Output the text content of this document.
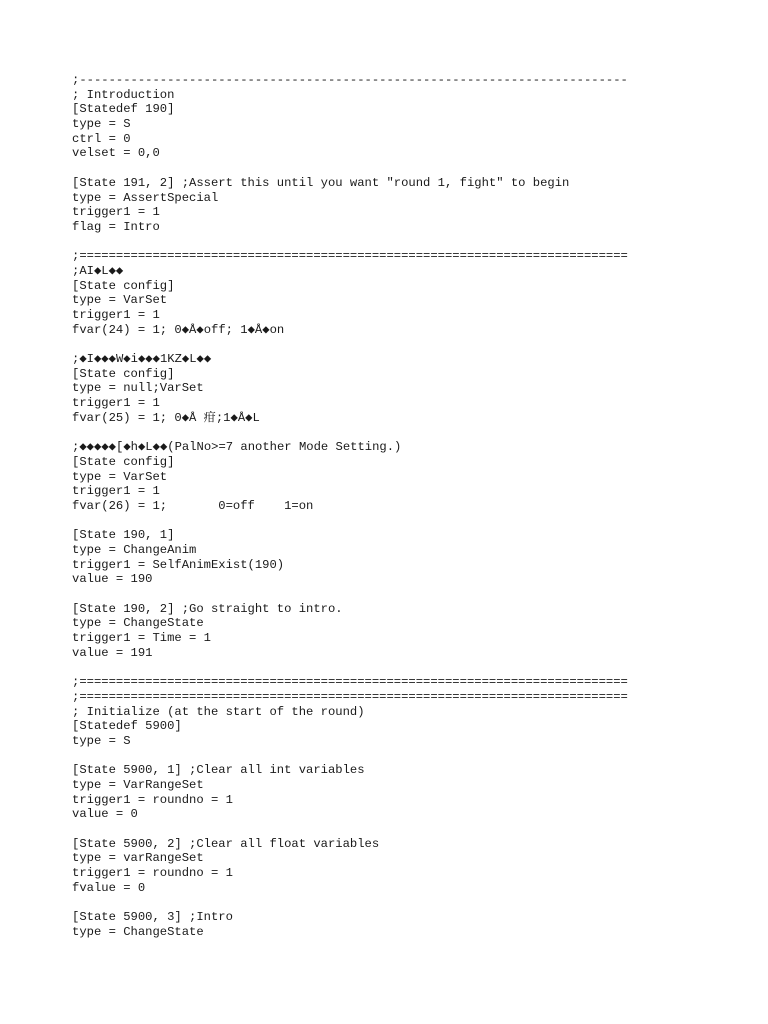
;---------------------------------------------------------------------------
; Introduction
[Statedef 190]
type = S
ctrl = 0
velset = 0,0
[State 191, 2] ;Assert this until you want "round 1, fight" to begin
type = AssertSpecial
trigger1 = 1
flag = Intro
;===========================================================================
;AI◆L◆◆
[State config]
type = VarSet
trigger1 = 1
fvar(24) = 1; 0◆Å◆off; 1◆Å◆on
;◆I◆◆◆W◆i◆◆◆1KZ◆L◆◆
[State config]
type = null;VarSet
trigger1 = 1
fvar(25) = 1; 0◆Å 疳;1◆Å◆L
;◆◆◆◆◆[◆h◆L◆◆(PalNo>=7 another Mode Setting.)
[State config]
type = VarSet
trigger1 = 1
fvar(26) = 1;       0=off    1=on
[State 190, 1]
type = ChangeAnim
trigger1 = SelfAnimExist(190)
value = 190
[State 190, 2] ;Go straight to intro.
type = ChangeState
trigger1 = Time = 1
value = 191
;===========================================================================
;===========================================================================
; Initialize (at the start of the round)
[Statedef 5900]
type = S
[State 5900, 1] ;Clear all int variables
type = VarRangeSet
trigger1 = roundno = 1
value = 0
[State 5900, 2] ;Clear all float variables
type = varRangeSet
trigger1 = roundno = 1
fvalue = 0
[State 5900, 3] ;Intro
type = ChangeState
